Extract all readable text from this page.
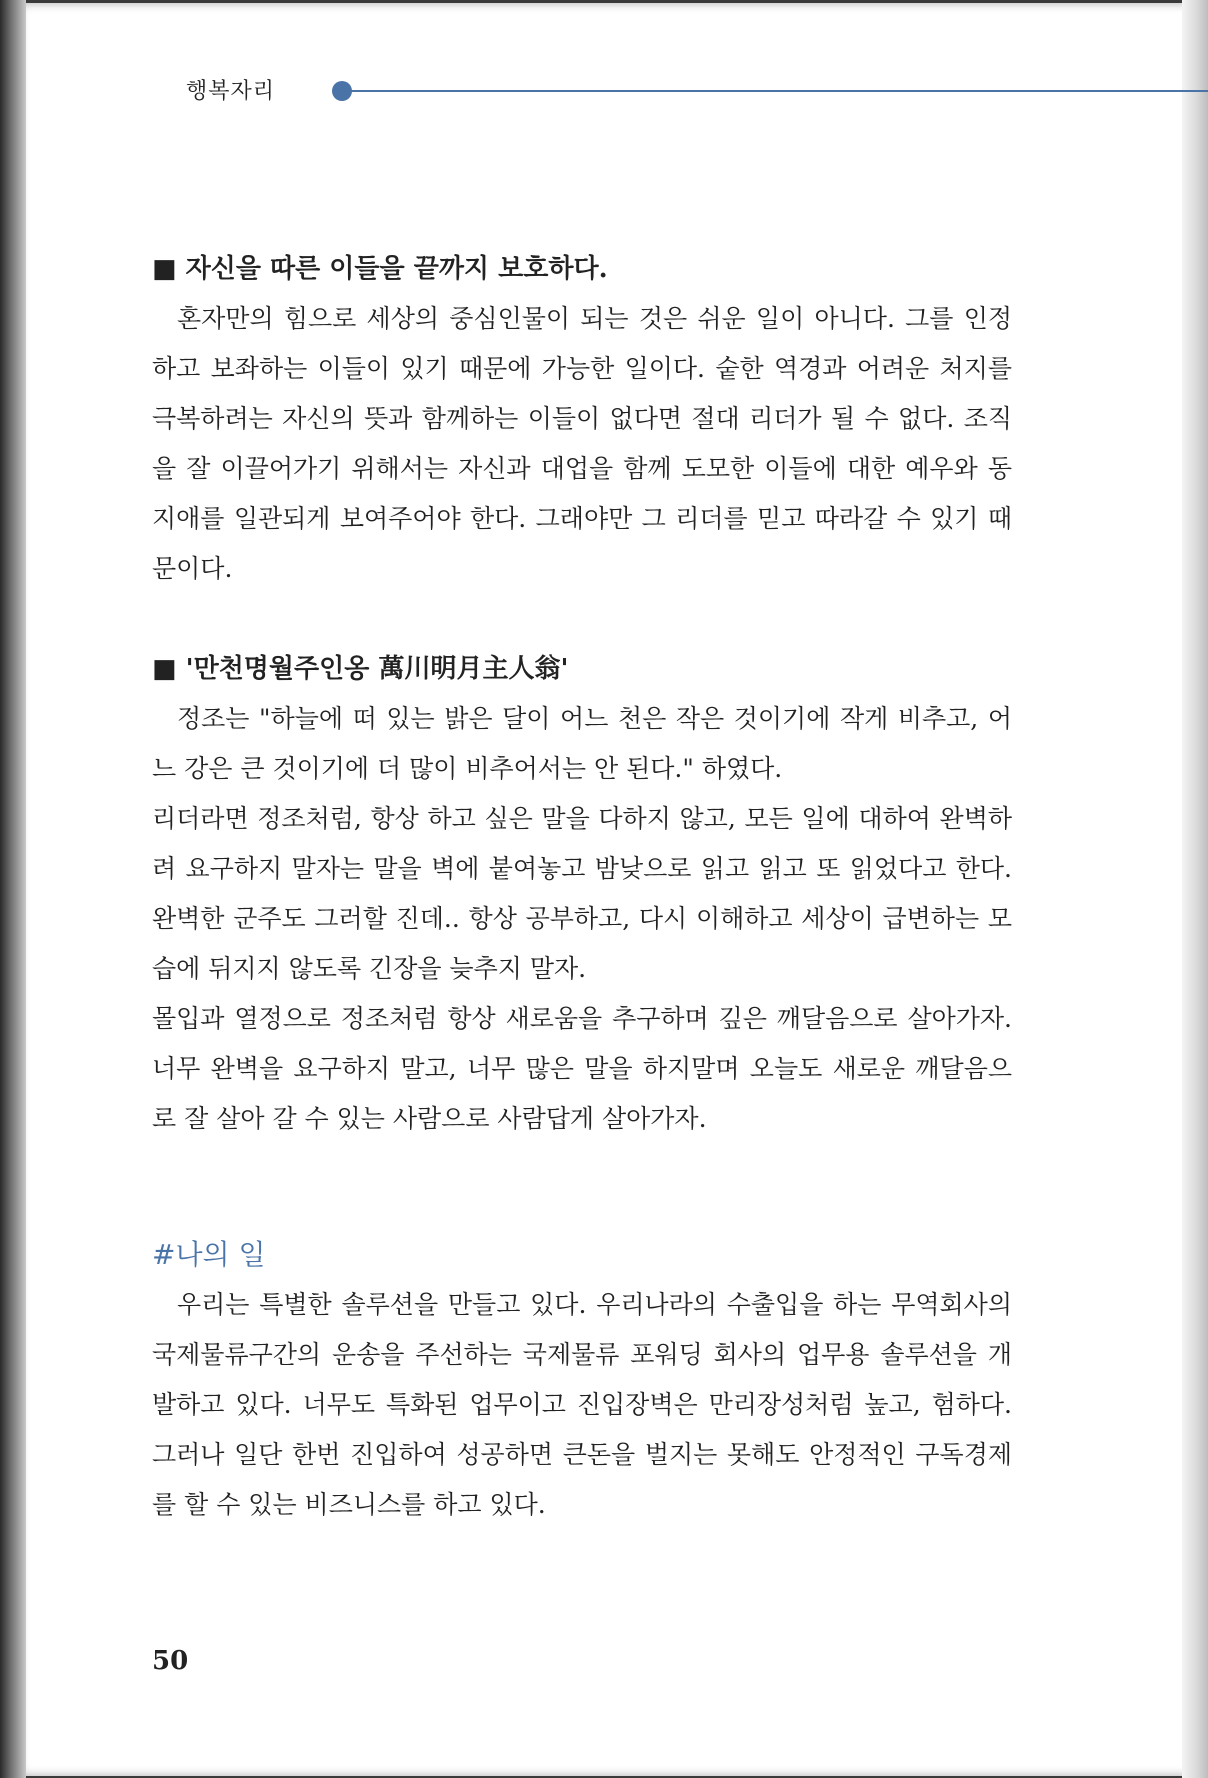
행복자리

■ 자신을 따른 이들을 끝까지 보호하다.

혼자만의 힘으로 세상의 중심인물이 되는 것은 쉬운 일이 아니다. 그를 인정하고 보좌하는 이들이 있기 때문에 가능한 일이다. 숱한 역경과 어려운 처지를 극복하려는 자신의 뜻과 함께하는 이들이 없다면 절대 리더가 될 수 없다. 조직을 잘 이끌어가기 위해서는 자신과 대업을 함께 도모한 이들에 대한 예우와 동지애를 일관되게 보여주어야 한다. 그래야만 그 리더를 믿고 따라갈 수 있기 때문이다.

■ '만천명월주인옹 萬川明月主人翁'

정조는 "하늘에 떠 있는 밝은 달이 어느 천은 작은 것이기에 작게 비추고, 어느 강은 큰 것이기에 더 많이 비추어서는 안 된다." 하였다.

리더라면 정조처럼, 항상 하고 싶은 말을 다하지 않고, 모든 일에 대하여 완벽하려 요구하지 말자는 말을 벽에 붙여놓고 밤낮으로 읽고 읽고 또 읽었다고 한다. 완벽한 군주도 그러할 진데.. 항상 공부하고, 다시 이해하고 세상이 급변하는 모습에 뒤지지 않도록 긴장을 늦추지 말자.

몰입과 열정으로 정조처럼 항상 새로움을 추구하며 깊은 깨달음으로 살아가자. 너무 완벽을 요구하지 말고, 너무 많은 말을 하지말며 오늘도 새로운 깨달음으로 잘 살아 갈 수 있는 사람으로 사람답게 살아가자.

#나의 일

우리는 특별한 솔루션을 만들고 있다. 우리나라의 수출입을 하는 무역회사의 국제물류구간의 운송을 주선하는 국제물류 포워딩 회사의 업무용 솔루션을 개발하고 있다. 너무도 특화된 업무이고 진입장벽은 만리장성처럼 높고, 험하다. 그러나 일단 한번 진입하여 성공하면 큰돈을 벌지는 못해도 안정적인 구독경제를 할 수 있는 비즈니스를 하고 있다.

50
